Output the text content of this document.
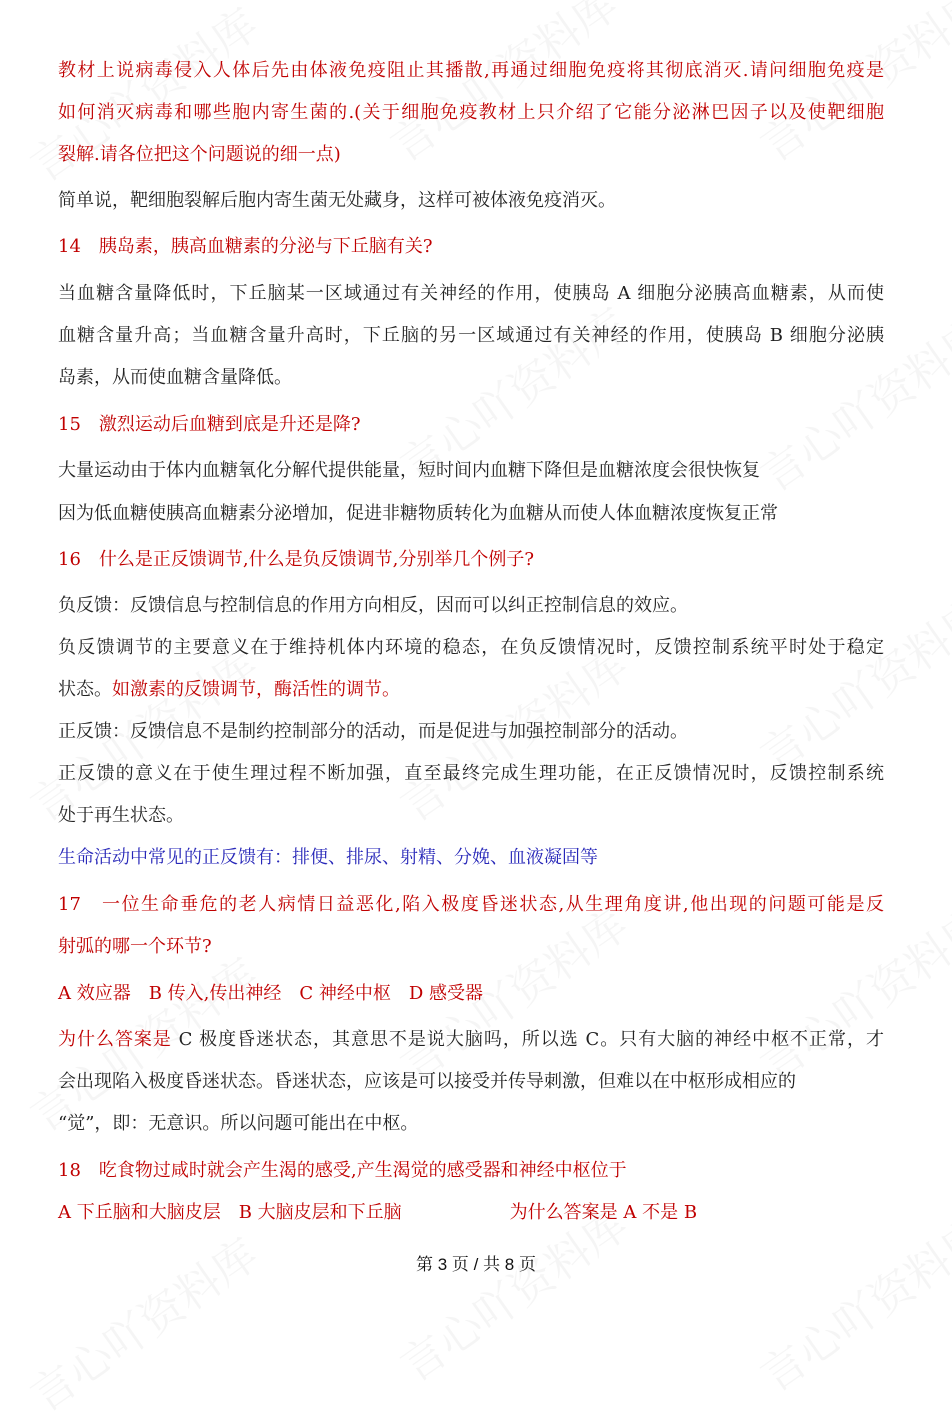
教材上说病毒侵入人体后先由体液免疫阻止其播散,再通过细胞免疫将其彻底消灭.请问细胞免疫是
如何消灭病毒和哪些胞内寄生菌的.(关于细胞免疫教材上只介绍了它能分泌淋巴因子以及使靶细胞
裂解.请各位把这个问题说的细一点)
简单说，靶细胞裂解后胞内寄生菌无处藏身，这样可被体液免疫消灭。
14　胰岛素，胰高血糖素的分泌与下丘脑有关?
当血糖含量降低时，下丘脑某一区域通过有关神经的作用，使胰岛 A 细胞分泌胰高血糖素，从而使
血糖含量升高；当血糖含量升高时，下丘脑的另一区域通过有关神经的作用，使胰岛 B 细胞分泌胰
岛素，从而使血糖含量降低。
15　激烈运动后血糖到底是升还是降?
大量运动由于体内血糖氧化分解代提供能量，短时间内血糖下降但是血糖浓度会很快恢复
因为低血糖使胰高血糖素分泌增加，促进非糖物质转化为血糖从而使人体血糖浓度恢复正常
16　什么是正反馈调节,什么是负反馈调节,分别举几个例子?
负反馈：反馈信息与控制信息的作用方向相反，因而可以纠正控制信息的效应。
负反馈调节的主要意义在于维持机体内环境的稳态，在负反馈情况时，反馈控制系统平时处于稳定
状态。如激素的反馈调节，酶活性的调节。
正反馈：反馈信息不是制约控制部分的活动，而是促进与加强控制部分的活动。
正反馈的意义在于使生理过程不断加强，直至最终完成生理功能，在正反馈情况时，反馈控制系统
处于再生状态。
生命活动中常见的正反馈有：排便、排尿、射精、分娩、血液凝固等
17　一位生命垂危的老人病情日益恶化,陷入极度昏迷状态,从生理角度讲,他出现的问题可能是反
射弧的哪一个环节?
A 效应器　B 传入,传出神经　C 神经中枢　D 感受器
为什么答案是 C 极度昏迷状态，其意思不是说大脑吗，所以选 C。只有大脑的神经中枢不正常，才
会出现陷入极度昏迷状态。昏迷状态，应该是可以接受并传导刺激，但难以在中枢形成相应的
“觉”，即：无意识。所以问题可能出在中枢。
18　吃食物过咸时就会产生渴的感受,产生渴觉的感受器和神经中枢位于
A 下丘脑和大脑皮层　B 大脑皮层和下丘脑　　　　　　为什么答案是 A 不是 B
第 3 页 / 共 8 页
